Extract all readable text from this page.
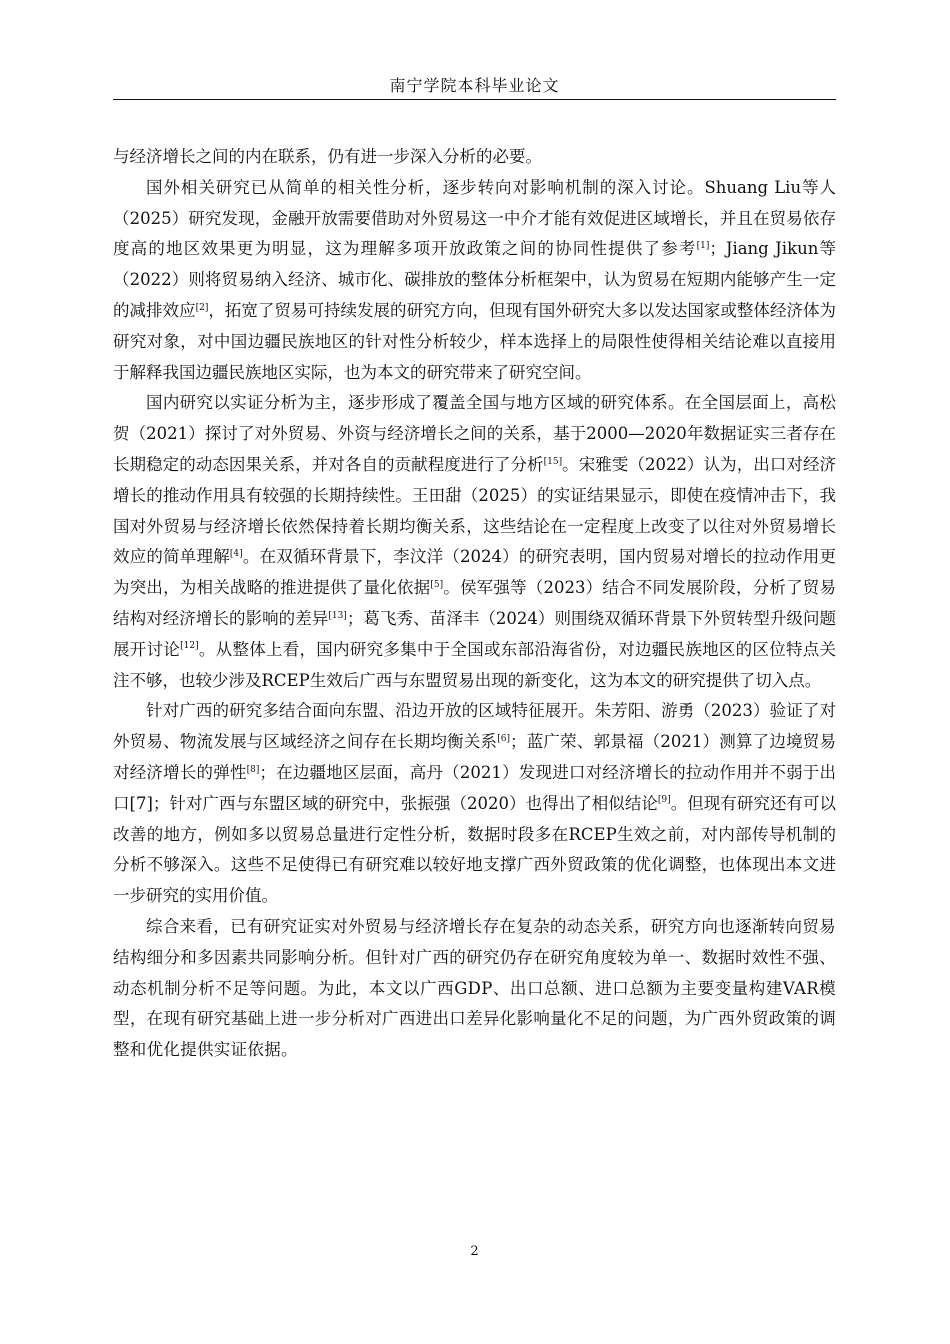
南宁学院本科毕业论文

与经济增长之间的内在联系，仍有进一步深入分析的必要。

国外相关研究已从简单的相关性分析，逐步转向对影响机制的深入讨论。Shuang Liu等人（2025）研究发现，金融开放需要借助对外贸易这一中介才能有效促进区域增长，并且在贸易依存度高的地区效果更为明显，这为理解多项开放政策之间的协同性提供了参考[1]；Jiang Jikun等（2022）则将贸易纳入经济、城市化、碳排放的整体分析框架中，认为贸易在短期内能够产生一定的减排效应[2]，拓宽了贸易可持续发展的研究方向，但现有国外研究大多以发达国家或整体经济体为研究对象，对中国边疆民族地区的针对性分析较少，样本选择上的局限性使得相关结论难以直接用于解释我国边疆民族地区实际，也为本文的研究带来了研究空间。

国内研究以实证分析为主，逐步形成了覆盖全国与地方区域的研究体系。在全国层面上，高松贺（2021）探讨了对外贸易、外资与经济增长之间的关系，基于2000—2020年数据证实三者存在长期稳定的动态因果关系，并对各自的贡献程度进行了分析[15]。宋雅雯（2022）认为，出口对经济增长的推动作用具有较强的长期持续性。王田甜（2025）的实证结果显示，即使在疫情冲击下，我国对外贸易与经济增长依然保持着长期均衡关系，这些结论在一定程度上改变了以往对外贸易增长效应的简单理解[4]。在双循环背景下，李汶洋（2024）的研究表明，国内贸易对增长的拉动作用更为突出，为相关战略的推进提供了量化依据[5]。侯军强等（2023）结合不同发展阶段，分析了贸易结构对经济增长的影响的差异[13]；葛飞秀、苗泽丰（2024）则围绕双循环背景下外贸转型升级问题展开讨论[12]。从整体上看，国内研究多集中于全国或东部沿海省份，对边疆民族地区的区位特点关注不够，也较少涉及RCEP生效后广西与东盟贸易出现的新变化，这为本文的研究提供了切入点。

针对广西的研究多结合面向东盟、沿边开放的区域特征展开。朱芳阳、游勇（2023）验证了对外贸易、物流发展与区域经济之间存在长期均衡关系[6]；蓝广荣、郭景福（2021）测算了边境贸易对经济增长的弹性[8]；在边疆地区层面，高丹（2021）发现进口对经济增长的拉动作用并不弱于出口[7]；针对广西与东盟区域的研究中，张振强（2020）也得出了相似结论[9]。但现有研究还有可以改善的地方，例如多以贸易总量进行定性分析，数据时段多在RCEP生效之前，对内部传导机制的分析不够深入。这些不足使得已有研究难以较好地支撑广西外贸政策的优化调整，也体现出本文进一步研究的实用价值。

综合来看，已有研究证实对外贸易与经济增长存在复杂的动态关系，研究方向也逐渐转向贸易结构细分和多因素共同影响分析。但针对广西的研究仍存在研究角度较为单一、数据时效性不强、动态机制分析不足等问题。为此，本文以广西GDP、出口总额、进口总额为主要变量构建VAR模型，在现有研究基础上进一步分析对广西进出口差异化影响量化不足的问题，为广西外贸政策的调整和优化提供实证依据。

2
